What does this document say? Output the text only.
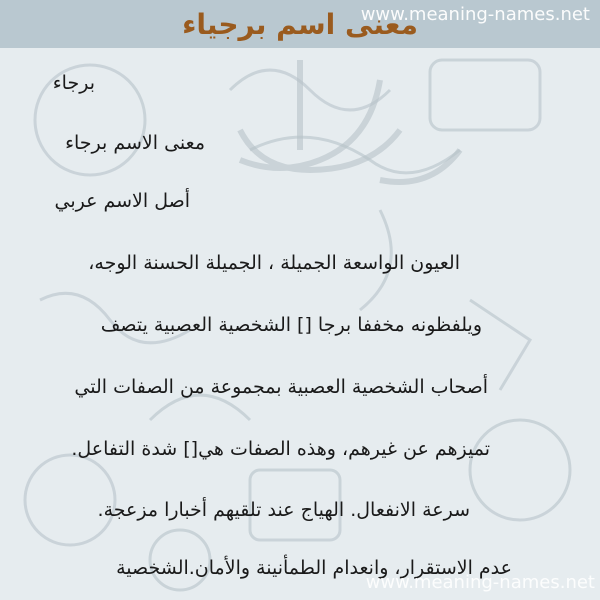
www.meaning-names.net
معنى اسم برجياء
برجاء
معنى الاسم برجاء
أصل الاسم عربي
العيون الواسعة الجميلة ، الجميلة الحسنة الوجه،
ويلفظونه مخففا برجا [] الشخصية العصبية يتصف
أصحاب الشخصية العصبية بمجموعة من الصفات التي
تميزهم عن غيرهم، وهذه الصفات هي[] شدة التفاعل.
سرعة الانفعال. الهياج عند تلقيهم أخبارا مزعجة.
عدم الاستقرار، وانعدام الطمأنينة والأمان.الشخصية
www.meaning-names.net
